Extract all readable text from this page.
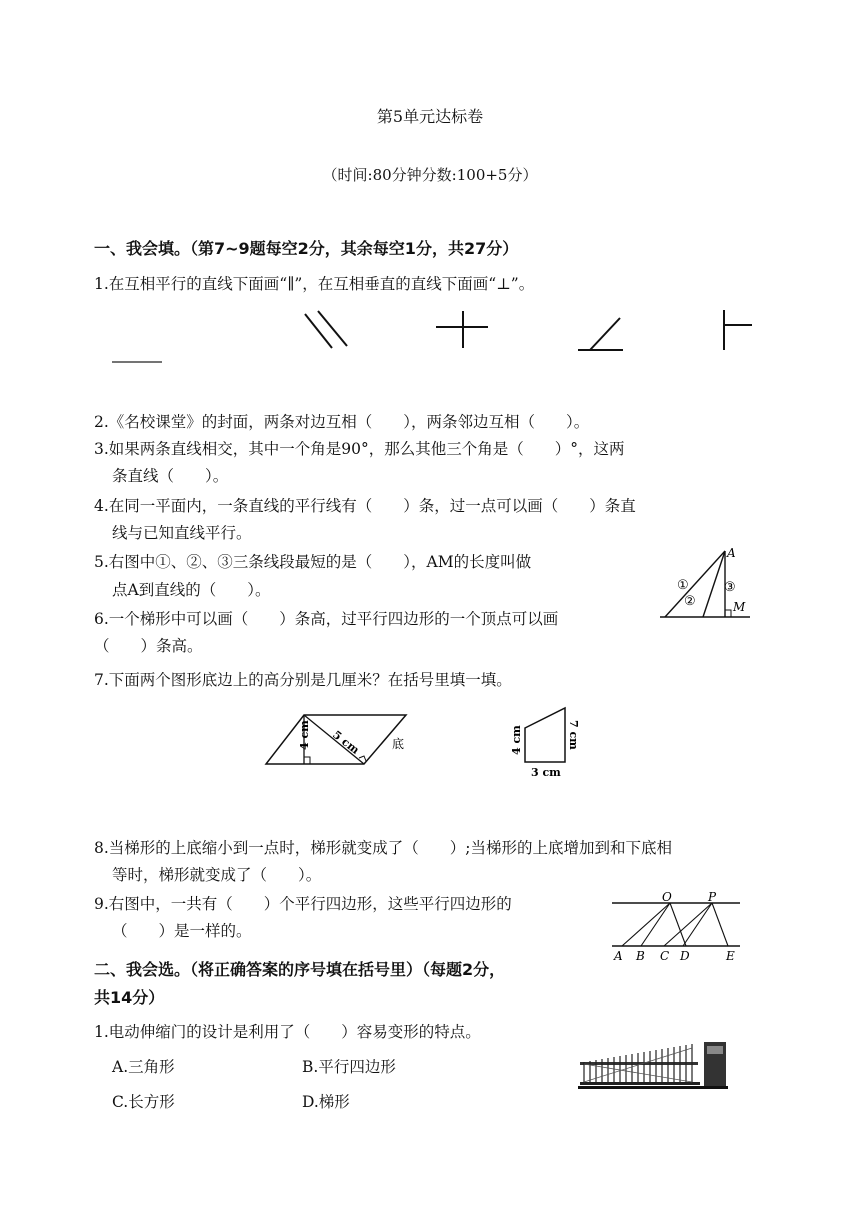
第5单元达标卷
（时间:80分钟分数:100+5分）
一、我会填。（第7~9题每空2分，其余每空1分，共27分）
1.在互相平行的直线下面画“∥”，在互相垂直的直线下面画“⊥”。
2.《名校课堂》的封面，两条对边互相（　　），两条邻边互相（　　）。
3.如果两条直线相交，其中一个角是90°，那么其他三个角是（　　）°，这两
条直线（　　）。
4.在同一平面内，一条直线的平行线有（　　）条，过一点可以画（　　）条直
线与已知直线平行。
5.右图中①、②、③三条线段最短的是（　　），AM的长度叫做
点A到直线的（　　）。
6.一个梯形中可以画（　　）条高，过平行四边形的一个顶点可以画
（　　）条高。
A
M
①
②
③
7.下面两个图形底边上的高分别是几厘米？在括号里填一填。
4 cm 5 cm	底	4 cm	7 cm
3 cm
8.当梯形的上底缩小到一点时，梯形就变成了（　　）;当梯形的上底增加到和下底相
等时，梯形就变成了（　　）。
9.右图中，一共有（　　）个平行四边形，这些平行四边形的
（　　）是一样的。
O	P
A B C D	E
二、我会选。（将正确答案的序号填在括号里）（每题2分，
共14分）
1.电动伸缩门的设计是利用了（　　）容易变形的特点。
A.三角形	B.平行四边形
C.长方形	D.梯形
